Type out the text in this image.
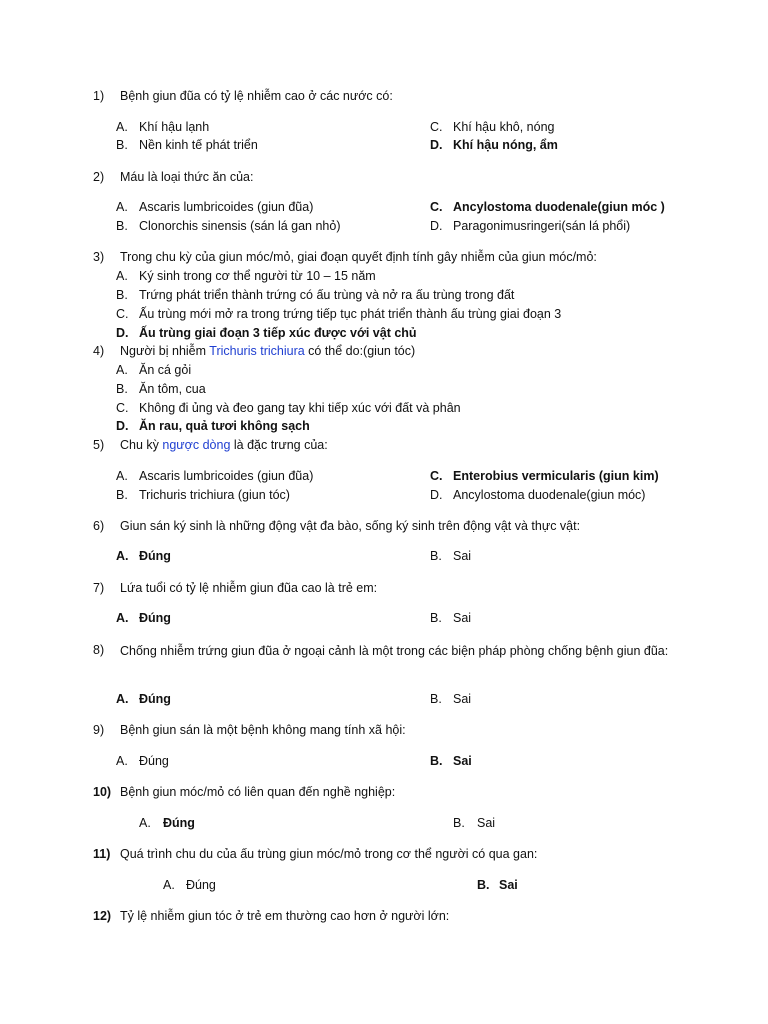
1) Bệnh giun đũa có tỷ lệ nhiễm cao ở các nước có:
A. Khí hậu lạnh
B. Nền kinh tế phát triển
C. Khí hậu khô, nóng
D. Khí hậu nóng, ẩm
2) Máu là loại thức ăn của:
A. Ascaris lumbricoides (giun đũa)
B. Clonorchis sinensis (sán lá gan nhỏ)
C. Ancylostoma duodenale(giun móc )
D. Paragonimusringeri(sán lá phổi)
3) Trong chu kỳ của giun móc/mỏ, giai đoạn quyết định tính gây nhiễm của giun móc/mỏ:
A. Ký sinh trong cơ thể người từ 10 – 15 năm
B. Trứng phát triển thành trứng có ấu trùng và nở ra ấu trùng trong đất
C. Ấu trùng mới mở ra trong trứng tiếp tục phát triển thành ấu trùng giai đoạn 3
D. Ấu trùng giai đoạn 3 tiếp xúc được với vật chủ
4) Người bị nhiễm Trichuris trichiura có thể do:(giun tóc)
A. Ăn cá gỏi
B. Ăn tôm, cua
C. Không đi ủng và đeo gang tay khi tiếp xúc với đất và phân
D. Ăn rau, quả tươi không sạch
5) Chu kỳ ngược dòng là đặc trưng của:
A. Ascaris lumbricoides (giun đũa)
B. Trichuris trichiura (giun tóc)
C. Enterobius vermicularis (giun kim)
D. Ancylostoma duodenale(giun móc)
6) Giun sán ký sinh là những động vật đa bào, sống ký sinh trên động vật và thực vật:
A. Đúng	B. Sai
7) Lứa tuổi có tỷ lệ nhiễm giun đũa cao là trẻ em:
A. Đúng	B. Sai
8) Chống nhiễm trứng giun đũa ở ngoại cảnh là một trong các biện pháp phòng chống bệnh giun đũa:
A. Đúng	B. Sai
9) Bệnh giun sán là một bệnh không mang tính xã hội:
A. Đúng	B. Sai
10) Bệnh giun móc/mỏ có liên quan đến nghề nghiệp:
A. Đúng	B. Sai
11) Quá trình chu du của ấu trùng giun móc/mỏ trong cơ thể người có qua gan:
A. Đúng	B. Sai
12) Tỷ lệ nhiễm giun tóc ở trẻ em thường cao hơn ở người lớn:
